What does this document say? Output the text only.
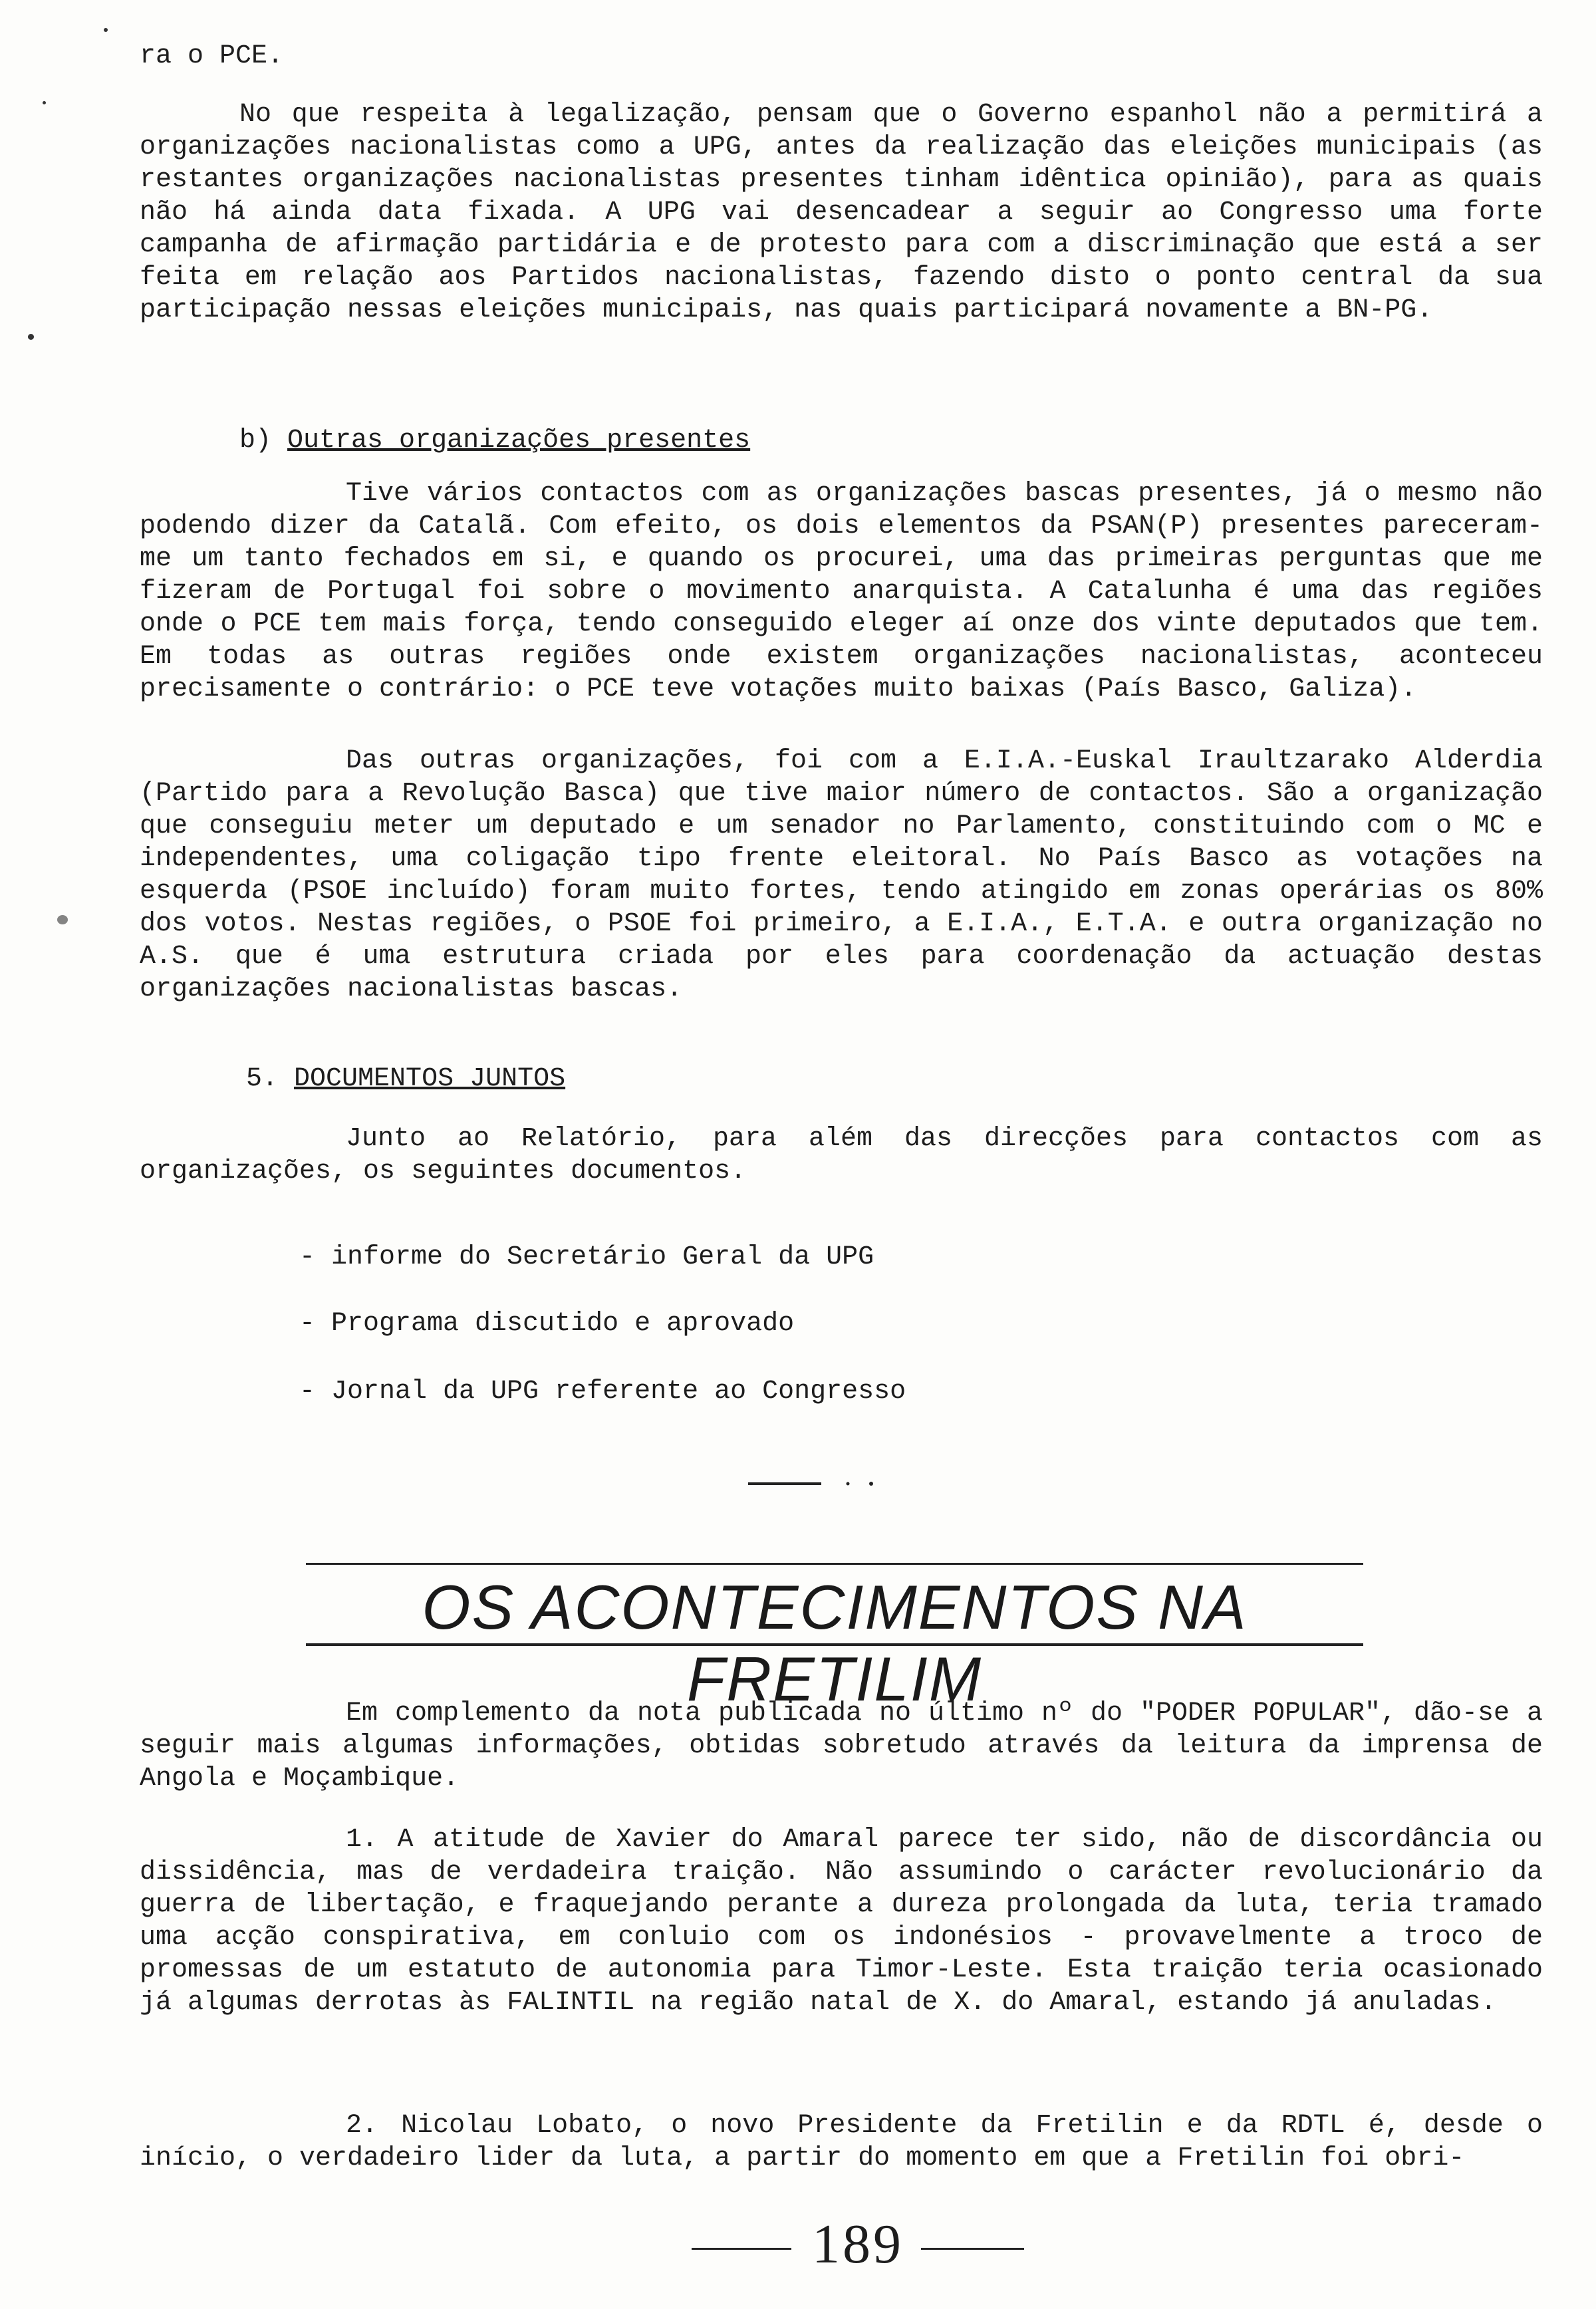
ra o PCE.

No que respeita à legalização, pensam que o Governo espanhol não a permitirá a organizações nacionalistas como a UPG, antes da realização das eleições municipais (as restantes organizações nacionalistas presentes tinham idêntica opinião), para as quais não há ainda data fixada. A UPG vai desencadear a seguir ao Congresso uma forte campanha de afirmação partidária e de protesto para com a discriminação que está a ser feita em relação aos Partidos nacionalistas, fazendo disto o ponto central da sua participação nessas eleições municipais, nas quais participará novamente a BN-PG.

b) Outras organizações presentes

Tive vários contactos com as organizações bascas presentes, já o mesmo não podendo dizer da Catalã. Com efeito, os dois elementos da PSAN(P) presentes pareceram-me um tanto fechados em si, e quando os procurei, uma das primeiras perguntas que me fizeram de Portugal foi sobre o movimento anarquista. A Catalunha é uma das regiões onde o PCE tem mais força, tendo conseguido eleger aí onze dos vinte deputados que tem. Em todas as outras regiões onde existem organizações nacionalistas, aconteceu precisamente o contrário: o PCE teve votações muito baixas (País Basco, Galiza).

Das outras organizações, foi com a E.I.A.-Euskal Iraultzarako Alderdia (Partido para a Revolução Basca) que tive maior número de contactos. São a organização que conseguiu meter um deputado e um senador no Parlamento, constituindo com o MC e independentes, uma coligação tipo frente eleitoral. No País Basco as votações na esquerda (PSOE incluído) foram muito fortes, tendo atingido em zonas operárias os 80% dos votos. Nestas regiões, o PSOE foi primeiro, a E.I.A., E.T.A. e outra organização no A.S. que é uma estrutura criada por eles para coordenação da actuação destas organizações nacionalistas bascas.

5. DOCUMENTOS JUNTOS

Junto ao Relatório, para além das direcções para contactos com as organizações, os seguintes documentos.

- informe do Secretário Geral da UPG
- Programa discutido e aprovado
- Jornal da UPG referente ao Congresso
OS ACONTECIMENTOS NA FRETILIM

Em complemento da nota publicada no último nº do "PODER POPULAR", dão-se a seguir mais algumas informações, obtidas sobretudo através da leitura da imprensa de Angola e Moçambique.

1. A atitude de Xavier do Amaral parece ter sido, não de discordância ou dissidência, mas de verdadeira traição. Não assumindo o carácter revolucionário da guerra de libertação, e fraquejando perante a dureza prolongada da luta, teria tramado uma acção conspirativa, em conluio com os indonésios - provavelmente a troco de promessas de um estatuto de autonomia para Timor-Leste. Esta traição teria ocasionado já algumas derrotas às FALINTIL na região natal de X. do Amaral, estando já anuladas.

2. Nicolau Lobato, o novo Presidente da Fretilin e da RDTL é, desde o início, o verdadeiro lider da luta, a partir do momento em que a Fretilin foi obri-

189
